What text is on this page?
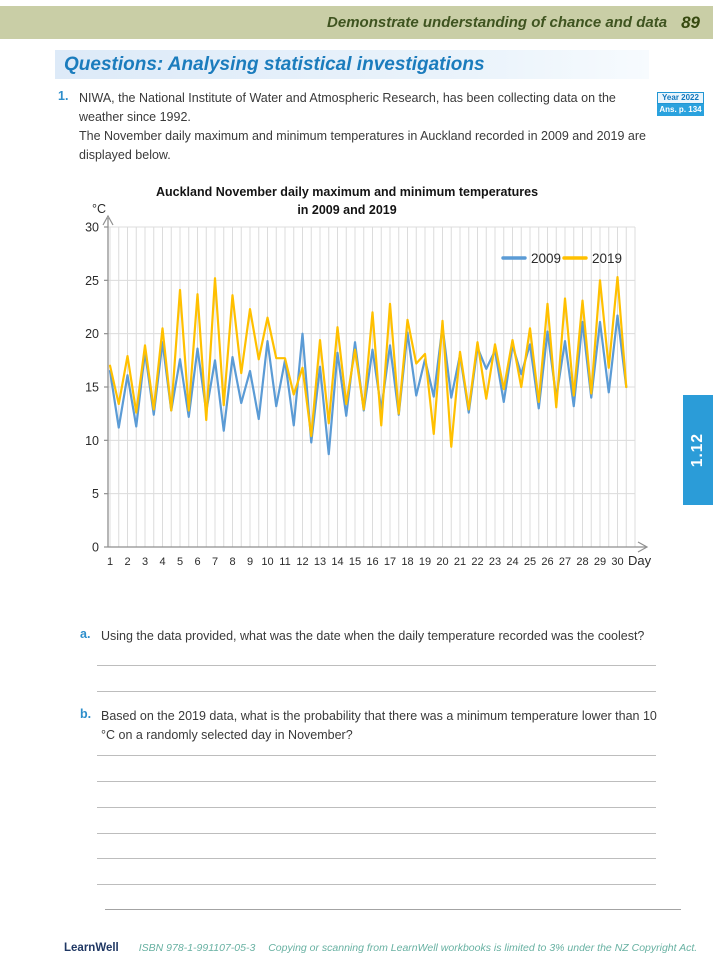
Demonstrate understanding of chance and data 89
Questions: Analysing statistical investigations
1. NIWA, the National Institute of Water and Atmospheric Research, has been collecting data on the weather since 1992.
The November daily maximum and minimum temperatures in Auckland recorded in 2009 and 2019 are displayed below.
Year 2022
Ans. p. 134
Auckland November daily maximum and minimum temperatures
in 2009 and 2019
0
5
10
15
20
25
30
1 2 3 4 5 6 7 8 9 10 11 12 13 14 15 16 17 18 19 20 21 22 23 24 25 26 27 28 29 30 Day
°C
2009 2019
a. Using the data provided, what was the date when the daily temperature recorded was the coolest?
b. Based on the 2019 data, what is the probability that there was a minimum temperature lower than 10 °C on a randomly selected day in November?
1.12
LearnWell ISBN 978-1-991107-05-3 Copying or scanning from LearnWell workbooks is limited to 3% under the NZ Copyright Act.
